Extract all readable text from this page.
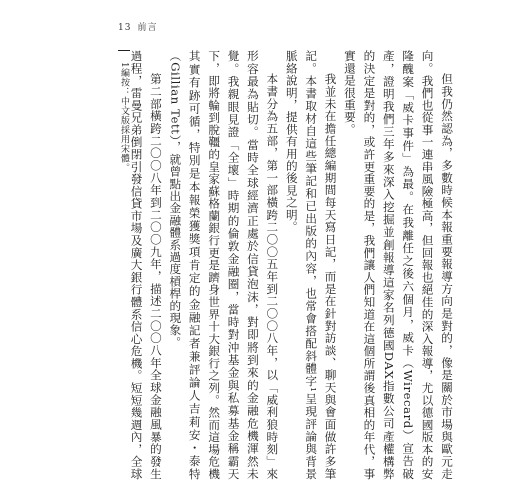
13 前言
1編按：中文版採用宋體。	但我仍然認為，多數時候本報重要報導方向是對的，像是關於市場與歐元走向。我們也從事一連串風險極高，但回報也絕佳的深入報導，尤以德國版本的安隆醜案「威卡事件」為最。在我離任之後六個月，威卡（Wirecard）宣告破產，證明我們三年多來深入挖掘並創報導這家名列德國DAX指數公司產權構弊的決定是對的，或許更重要的是，我們讓人們知道在這個所謂後真相的年代，事實還是很重要。

我並未在擔任總編期間每天寫日記，而是在針對訪談、聊天與會面做許多筆記。本書取材自這些筆記和已出版的內容，也常會搭配斜體字¹呈現評論與背景脈絡說明，提供有用的後見之明。

本書分為五部，第一部橫跨二〇〇五年到二〇〇八年，以「威利狼時刻」來形容最為貼切。當時全球經濟正處於信貸泡沫，對即將到來的金融危機渾然未覺。我親眼見證「全壞」時期的倫敦金融圈，當時對沖基金與私募基金稱霸天下，即將輪到脫韁的皇家蘇格蘭銀行更是躋身世界十大銀行之列。然而這場危機其實有跡可循，特別是本報榮獲獎項肯定的金融記者兼評論人吉莉安・泰特（Gillian Tett），就曾點出金融體系過度槓桿的現象。

第二部橫跨二〇〇八年到二〇〇九年，描述二〇〇八年全球金融風暴的發生過程，雷曼兄弟倒閉引發信貸市場及廣大銀行體系信心危機。短短幾週內，全球
